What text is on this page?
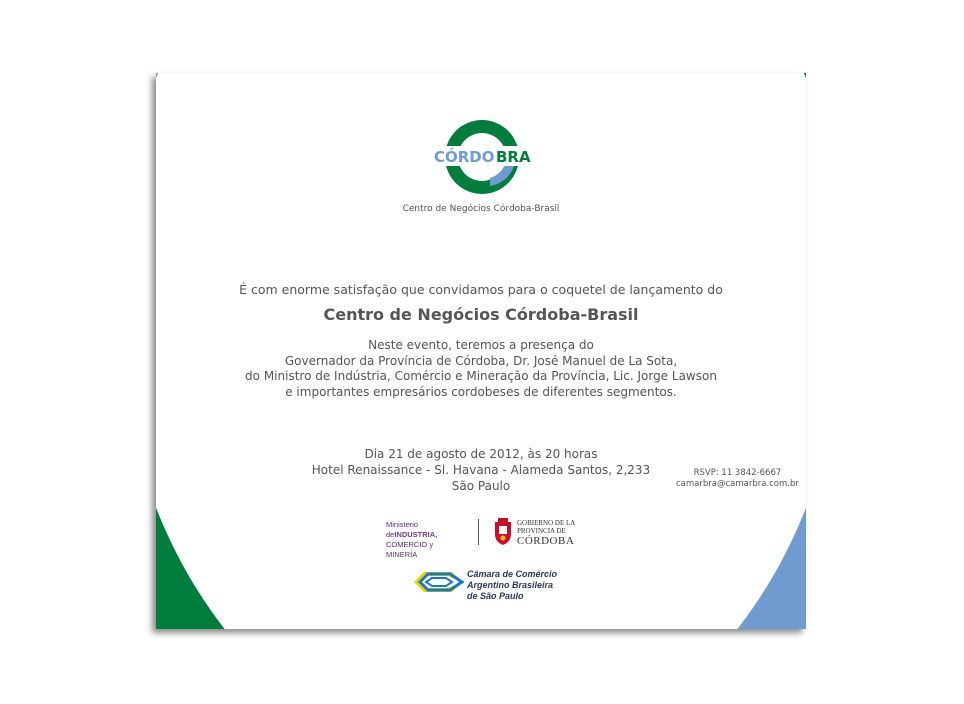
CÓRDO BRA
Centro de Negócios Córdoba-Brasil
É com enorme satisfação que convidamos para o coquetel de lançamento do
Centro de Negócios Córdoba-Brasil
Neste evento, teremos a presença do
Governador da Província de Córdoba, Dr. José Manuel de La Sota,
do Ministro de Indústria, Comércio e Mineração da Província, Lic. Jorge Lawson
e importantes empresários cordobeses de diferentes segmentos.
Dia 21 de agosto de 2012, às 20 horas
Hotel Renaissance - Sl. Havana - Alameda Santos, 2,233
São Paulo
RSVP: 11 3842-6667
camarbra@camarbra.com.br
Ministerio deINDUSTRIA,
COMERCIO y MINERÍA
GOBIERNO DE LA
PROVINCIA DE
CÓRDOBA
Câmara de Comércio
Argentino Brasileira
de São Paulo
